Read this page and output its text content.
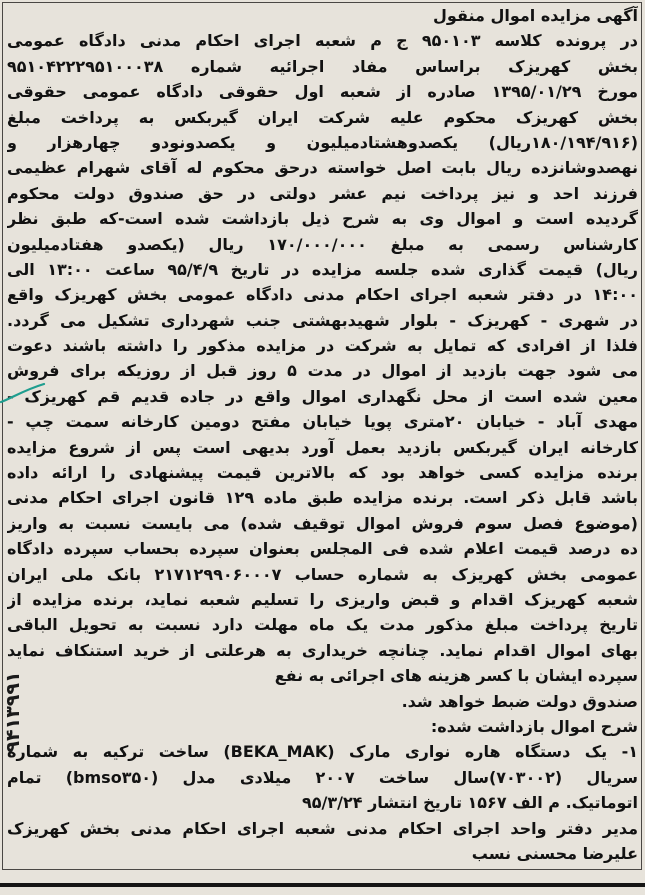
آگهی مزایده اموال منقول
در پرونده کلاسه ۹۵۰۱۰۳ ج م شعبه اجرای احکام مدنی دادگاه عمومی
بخش کهریزک براساس مفاد اجرائیه شماره ۹۵۱۰۴۲۲۲۹۵۱۰۰۰۳۸
مورخ ۱۳۹۵/۰۱/۲۹ صادره از شعبه اول حقوقی دادگاه عمومی حقوقی
بخش کهریزک محکوم علیه شرکت ایران گیربکس به پرداخت مبلغ
(۱۸۰/۱۹۴/۹۱۶ریال) یکصدوهشتادمیلیون و یکصدونودو چهارهزار و
نهصدوشانزده ریال بابت اصل خواسته درحق محکوم له آقای شهرام عظیمی
فرزند احد و نیز پرداخت نیم عشر دولتی در حق صندوق دولت محکوم
گردیده است و اموال وی به شرح ذیل بازداشت شده است-که طبق نظر
کارشناس رسمی به مبلغ ۱۷۰/۰۰۰/۰۰۰ ریال (یکصدو هفتادمیلیون
ریال) قیمت گذاری شده جلسه مزایده در تاریخ ۹۵/۴/۹ ساعت ۱۳:۰۰ الی
۱۴:۰۰ در دفتر شعبه اجرای احکام مدنی دادگاه عمومی بخش کهریزک واقع
در شهری - کهریزک - بلوار شهیدبهشتی جنب شهرداری تشکیل می گردد.
فلذا از افرادی که تمایل به شرکت در مزایده مذکور را داشته باشند دعوت
می شود جهت بازدید از اموال در مدت ۵ روز قبل از روزیکه برای فروش
معین شده است از محل نگهداری اموال واقع در جاده قدیم قم کهریزک -
مهدی آباد - خیابان ۲۰متری پویا خیابان مفتح دومین کارخانه سمت چپ -
کارخانه ایران گیربکس بازدید بعمل آورد بدیهی است پس از شروع مزایده
برنده مزایده کسی خواهد بود که بالاترین قیمت پیشنهادی را ارائه داده
باشد قابل ذکر است. برنده مزایده طبق ماده ۱۲۹ قانون اجرای احکام مدنی
(موضوع فصل سوم فروش اموال توقیف شده) می بایست نسبت به واریز
ده درصد قیمت اعلام شده فی المجلس بعنوان سپرده بحساب سپرده دادگاه
عمومی بخش کهریزک به شماره حساب ۲۱۷۱۲۹۹۰۶۰۰۰۷ بانک ملی ایران
شعبه کهریزک اقدام و قبض واریزی را تسلیم شعبه نماید، برنده مزایده از
تاریخ پرداخت مبلغ مذکور مدت یک ماه مهلت دارد نسبت به تحویل الباقی
بهای اموال اقدام نماید. چنانچه خریداری به هرعلتی از خرید استنکاف نماید
سپرده ایشان با کسر هزینه های اجرائی به نفع
صندوق دولت ضبط خواهد شد.
شرح اموال بازداشت شده:
۱- یک دستگاه هاره نواری مارک (BEKA_MAK) ساخت ترکیه به شماره
سریال (۷۰۳۰۰۲)سال ساخت ۲۰۰۷ میلادی مدل (bmso۳۵۰) تمام
اتوماتیک. م الف ۱۵۶۷ تاریخ انتشار ۹۵/۳/۲۴
مدیر دفتر واحد اجرای احکام مدنی شعبه اجرای احکام مدنی بخش کهریزک
علیرضا محسنی نسب
۹۴۱۳۹۹۱
